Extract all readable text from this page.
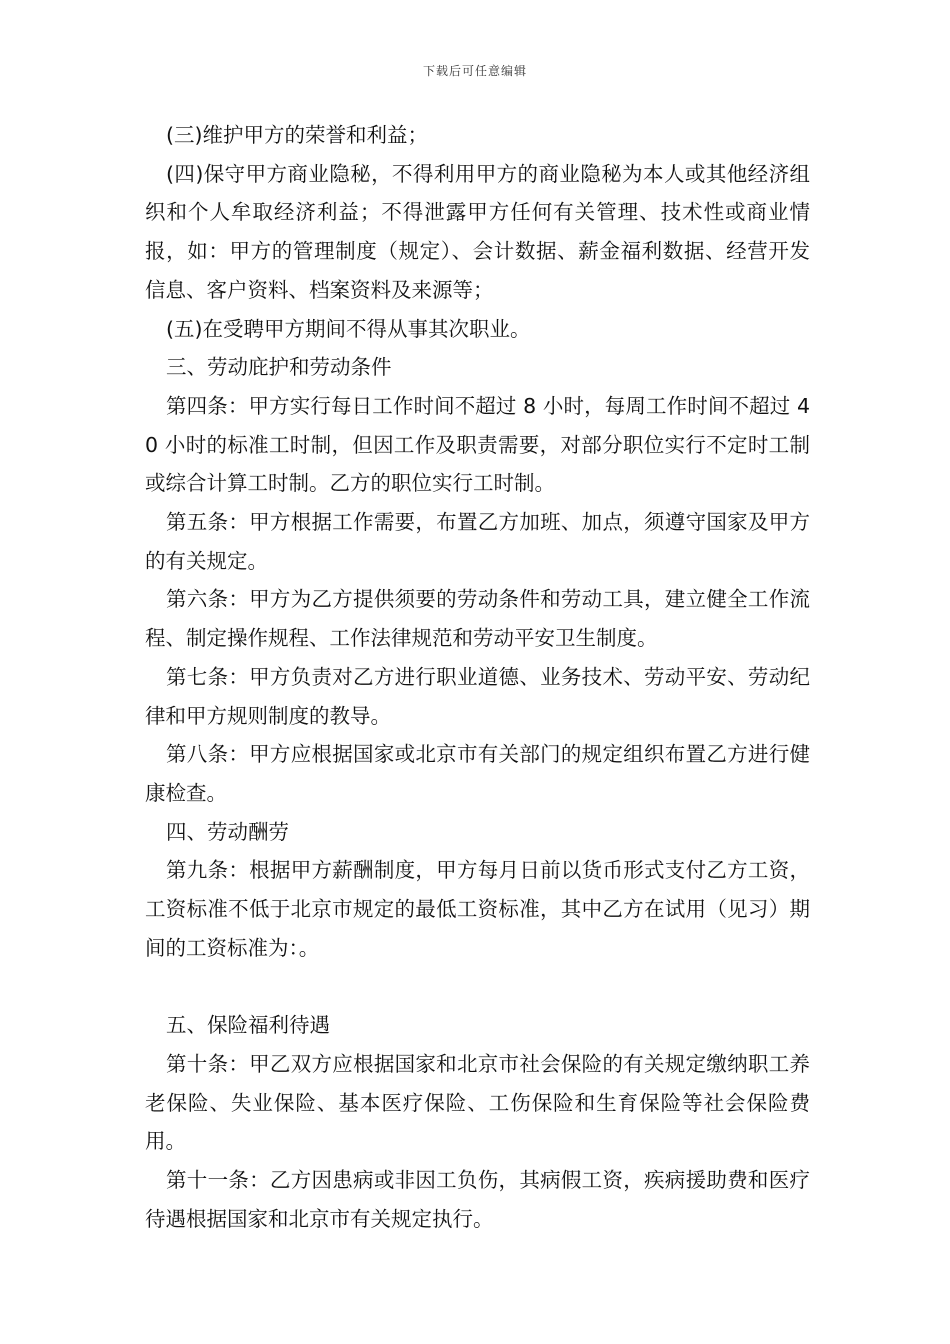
下载后可任意编辑

(三)维护甲方的荣誉和利益；

(四)保守甲方商业隐秘，不得利用甲方的商业隐秘为本人或其他经济组织和个人牟取经济利益；不得泄露甲方任何有关管理、技术性或商业情报，如：甲方的管理制度（规定）、会计数据、薪金福利数据、经营开发信息、客户资料、档案资料及来源等；

(五)在受聘甲方期间不得从事其次职业。

三、劳动庇护和劳动条件

第四条：甲方实行每日工作时间不超过 8 小时，每周工作时间不超过 40 小时的标准工时制，但因工作及职责需要，对部分职位实行不定时工制或综合计算工时制。乙方的职位实行工时制。

第五条：甲方根据工作需要，布置乙方加班、加点，须遵守国家及甲方的有关规定。

第六条：甲方为乙方提供须要的劳动条件和劳动工具，建立健全工作流程、制定操作规程、工作法律规范和劳动平安卫生制度。

第七条：甲方负责对乙方进行职业道德、业务技术、劳动平安、劳动纪律和甲方规则制度的教导。

第八条：甲方应根据国家或北京市有关部门的规定组织布置乙方进行健康检查。

四、劳动酬劳

第九条：根据甲方薪酬制度，甲方每月日前以货币形式支付乙方工资，工资标准不低于北京市规定的最低工资标准，其中乙方在试用（见习）期间的工资标准为：。

五、保险福利待遇

第十条：甲乙双方应根据国家和北京市社会保险的有关规定缴纳职工养老保险、失业保险、基本医疗保险、工伤保险和生育保险等社会保险费用。

第十一条：乙方因患病或非因工负伤，其病假工资，疾病援助费和医疗待遇根据国家和北京市有关规定执行。
